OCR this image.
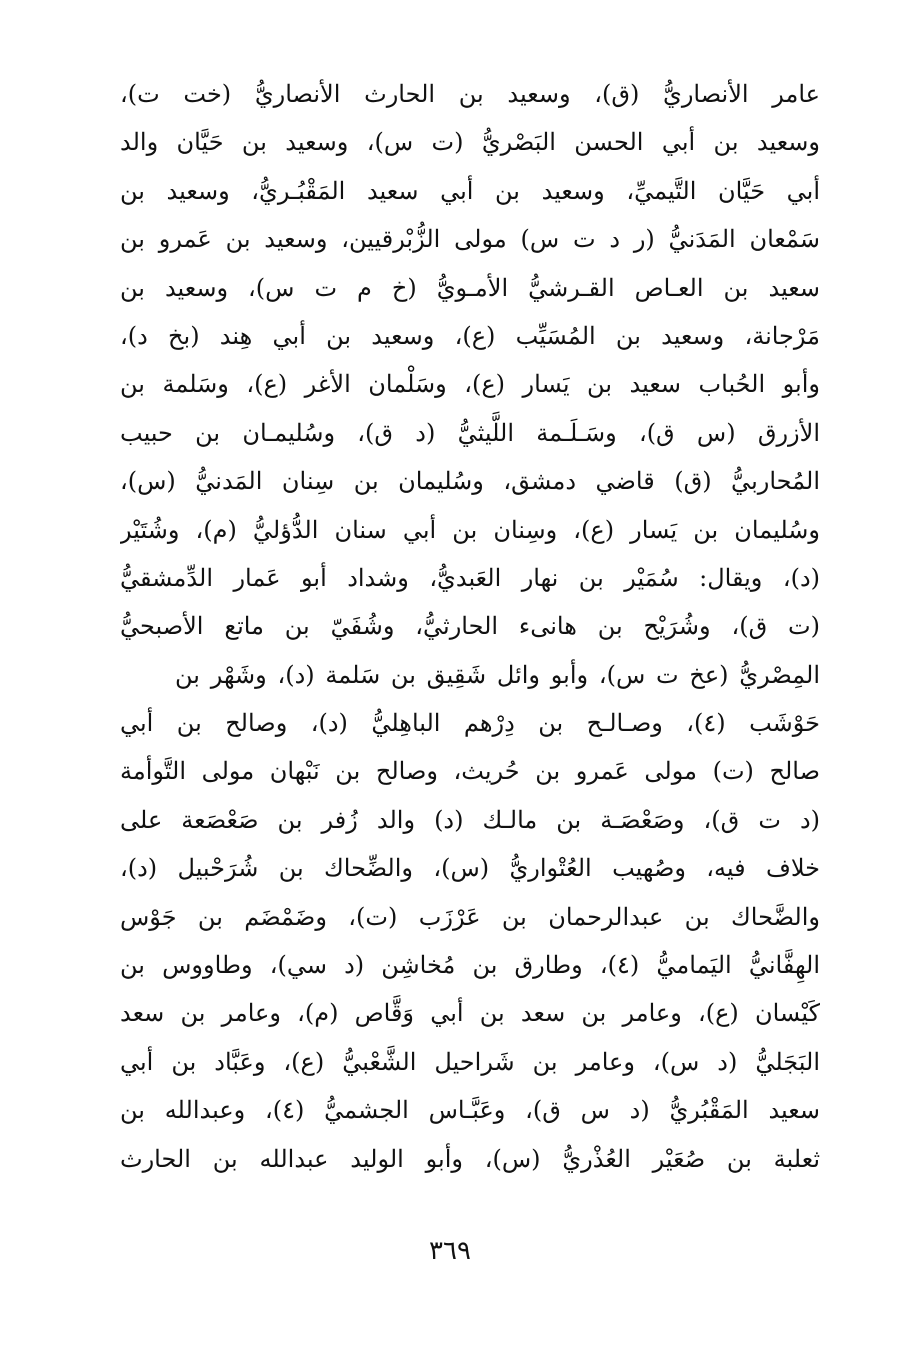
عامر الأنصاريُّ (ق)، وسعيد بن الحارث الأنصاريُّ (خت ت)،
وسعيد بن أبي الحسن البَصْريُّ (ت س)، وسعيد بن حَيَّان والد
أبي حَيَّان التَّيميِّ، وسعيد بن أبي سعيد المَقْبُـريُّ، وسعيد بن
سَمْعان المَدَنيُّ (ر د ت س) مولى الزُّبْرقيين، وسعيد بن عَمرو بن
سعيد بن العـاص القـرشيُّ الأمـويُّ (خ م ت س)، وسعيد بن
مَرْجانة، وسعيد بن المُسَيِّب (ع)، وسعيد بن أبي هِند (بخ د)،
وأبو الحُباب سعيد بن يَسار (ع)، وسَلْمان الأغر (ع)، وسَلمة بن
الأزرق (س ق)، وسَـلَـمة اللَّيثيُّ (د ق)، وسُليمـان بن حبيب
المُحاربيُّ (ق) قاضي دمشق، وسُليمان بن سِنان المَدنيُّ (س)،
وسُليمان بن يَسار (ع)، وسِنان بن أبي سنان الدُّؤليُّ (م)، وشُتَيْر
(د)، ويقال: سُمَيْر بن نهار العَبديُّ، وشداد أبو عَمار الدِّمشقيُّ
(ت ق)، وشُرَيْح بن هانىء الحارثيُّ، وشُفَيّ بن ماتع الأصبحيُّ
المِصْريُّ (عخ ت س)، وأبو وائل شَقِيق بن سَلمة (د)، وشَهْر بن
حَوْشَب (٤)، وصـالـح بن دِرْهم الباهِليُّ (د)، وصالح بن أبي
صالح (ت) مولى عَمرو بن حُريث، وصالح بن نَبْهان مولى التَّوأمة
(د ت ق)، وصَعْصَـة بن مالـك (د) والد زُفر بن صَعْصَعة على
خلاف فيه، وصُهيب العُتْواريُّ (س)، والضِّحاك بن شُرَحْبيل (د)،
والضَّحاك بن عبدالرحمان بن عَرْزَب (ت)، وضَمْضَم بن جَوْس
الهِفَّانيُّ اليَماميُّ (٤)، وطارق بن مُخاشِن (د سي)، وطاووس بن
كَيْسان (ع)، وعامر بن سعد بن أبي وَقَّاص (م)، وعامر بن سعد
البَجَليُّ (د س)، وعامر بن شَراحيل الشَّعْبيُّ (ع)، وعَبَّاد بن أبي
سعيد المَقْبُريُّ (د س ق)، وعَبَّـاس الجشميُّ (٤)، وعبدالله بن
ثعلبة بن صُعَيْر العُذْريُّ (س)، وأبو الوليد عبدالله بن الحارث
٣٦٩
